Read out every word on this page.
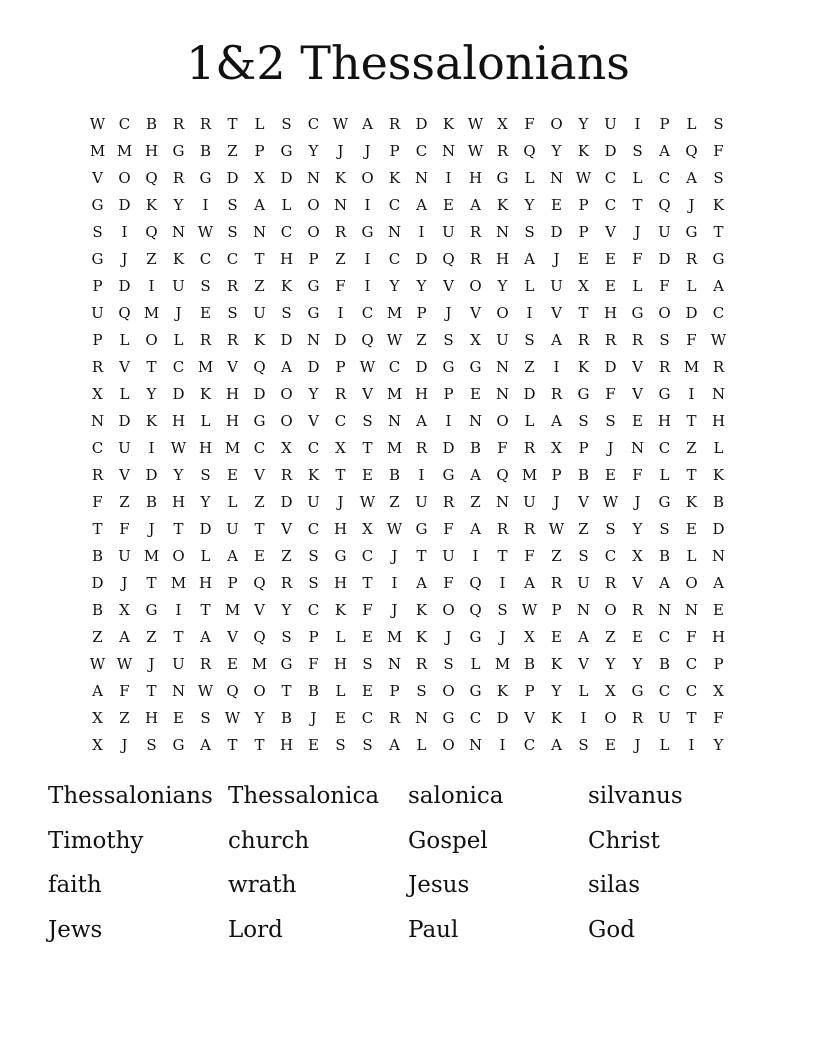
1&2 Thessalonians
W C	B	R	R	T	L	S	C W A	R	D	K W X	F	O	Y	U	I	P	L	S
M M H G	B	Z	P	G	Y	J	J	P	C N W R	Q	Y	K	D	S	A	Q	F
V	O Q	R	G	D	X	D N K	O	K N	I	H G	L	N W C	L	C	A	S
G	D	K	Y	I	S	A	L	O N	I	C	A	E	A	K	Y	E	P	C	T	Q	J	K
S	I	Q N W S	N C	O	R	G N	I	U	R N	S	D	P	V	J	U G	T
G	J	Z	K	C	C	T	H	P	Z	I	C	D Q	R H	A	J	E	E	F	D	R	G
P	D	I	U	S	R	Z	K	G	F	I	Y	Y	V	O	Y	L	U	X	E	L	F	L	A
U Q M	J	E	S	U	S	G	I	C M P	J	V	O	I	V	T	H G O D	C
P	L	O	L	R	R	K	D N D Q W Z	S	X	U	S	A	R	R	R	S	F W
R	V	T	C M V	Q	A	D	P W C	D G	G N	Z	I	K	D	V	R M R
X	L	Y	D	K H D O	Y	R	V M H	P	E N D	R	G	F	V	G	I	N
N D	K H	L	H G O	V	C	S	N	A	I	N O	L	A	S	S	E H	T	H
C U	I	W H M C	X	C	X	T M R	D	B	F	R	X	P	J	N C	Z	L
R	V	D	Y	S	E	V	R	K	T	E	B	I	G	A	Q M P	B	E	F	L	T	K
F	Z	B H	Y	L	Z	D U	J	W Z	U	R	Z	N U	J	V W	J	G	K	B
T	F	J	T	D U	T	V	C H	X W G	F	A	R	R W Z	S	Y	S	E	D
B	U M O	L	A	E	Z	S	G	C	J	T	U	I	T	F	Z	S	C	X	B	L	N
D	J	T M H	P	Q	R	S	H	T	I	A	F	Q	I	A	R	U	R	V	A	O	A
B	X	G	I	T M V	Y	C	K	F	J	K	O Q	S W P	N O	R N N E
Z	A	Z	T	A	V	Q	S	P	L	E M K	J	G	J	X	E	A	Z	E	C	F	H
W W	J	U	R	E M G	F	H	S	N R	S	L M B	K	V	Y	Y	B	C	P
A	F	T	N W Q O	T	B	L	E	P	S	O G	K	P	Y	L	X	G	C	C	X
X	Z	H E	S W Y	B	J	E	C	R N G	C	D	V	K	I	O	R	U	T	F
X	J	S	G	A	T	T	H E	S	S	A	L	O N	I	C	A	S	E	J	L	I	Y
Thessalonians Thessalonica	salonica	silvanus
Timothy	church	Gospel	Christ
faith	wrath	Jesus	silas
Jews	Lord	Paul	God
